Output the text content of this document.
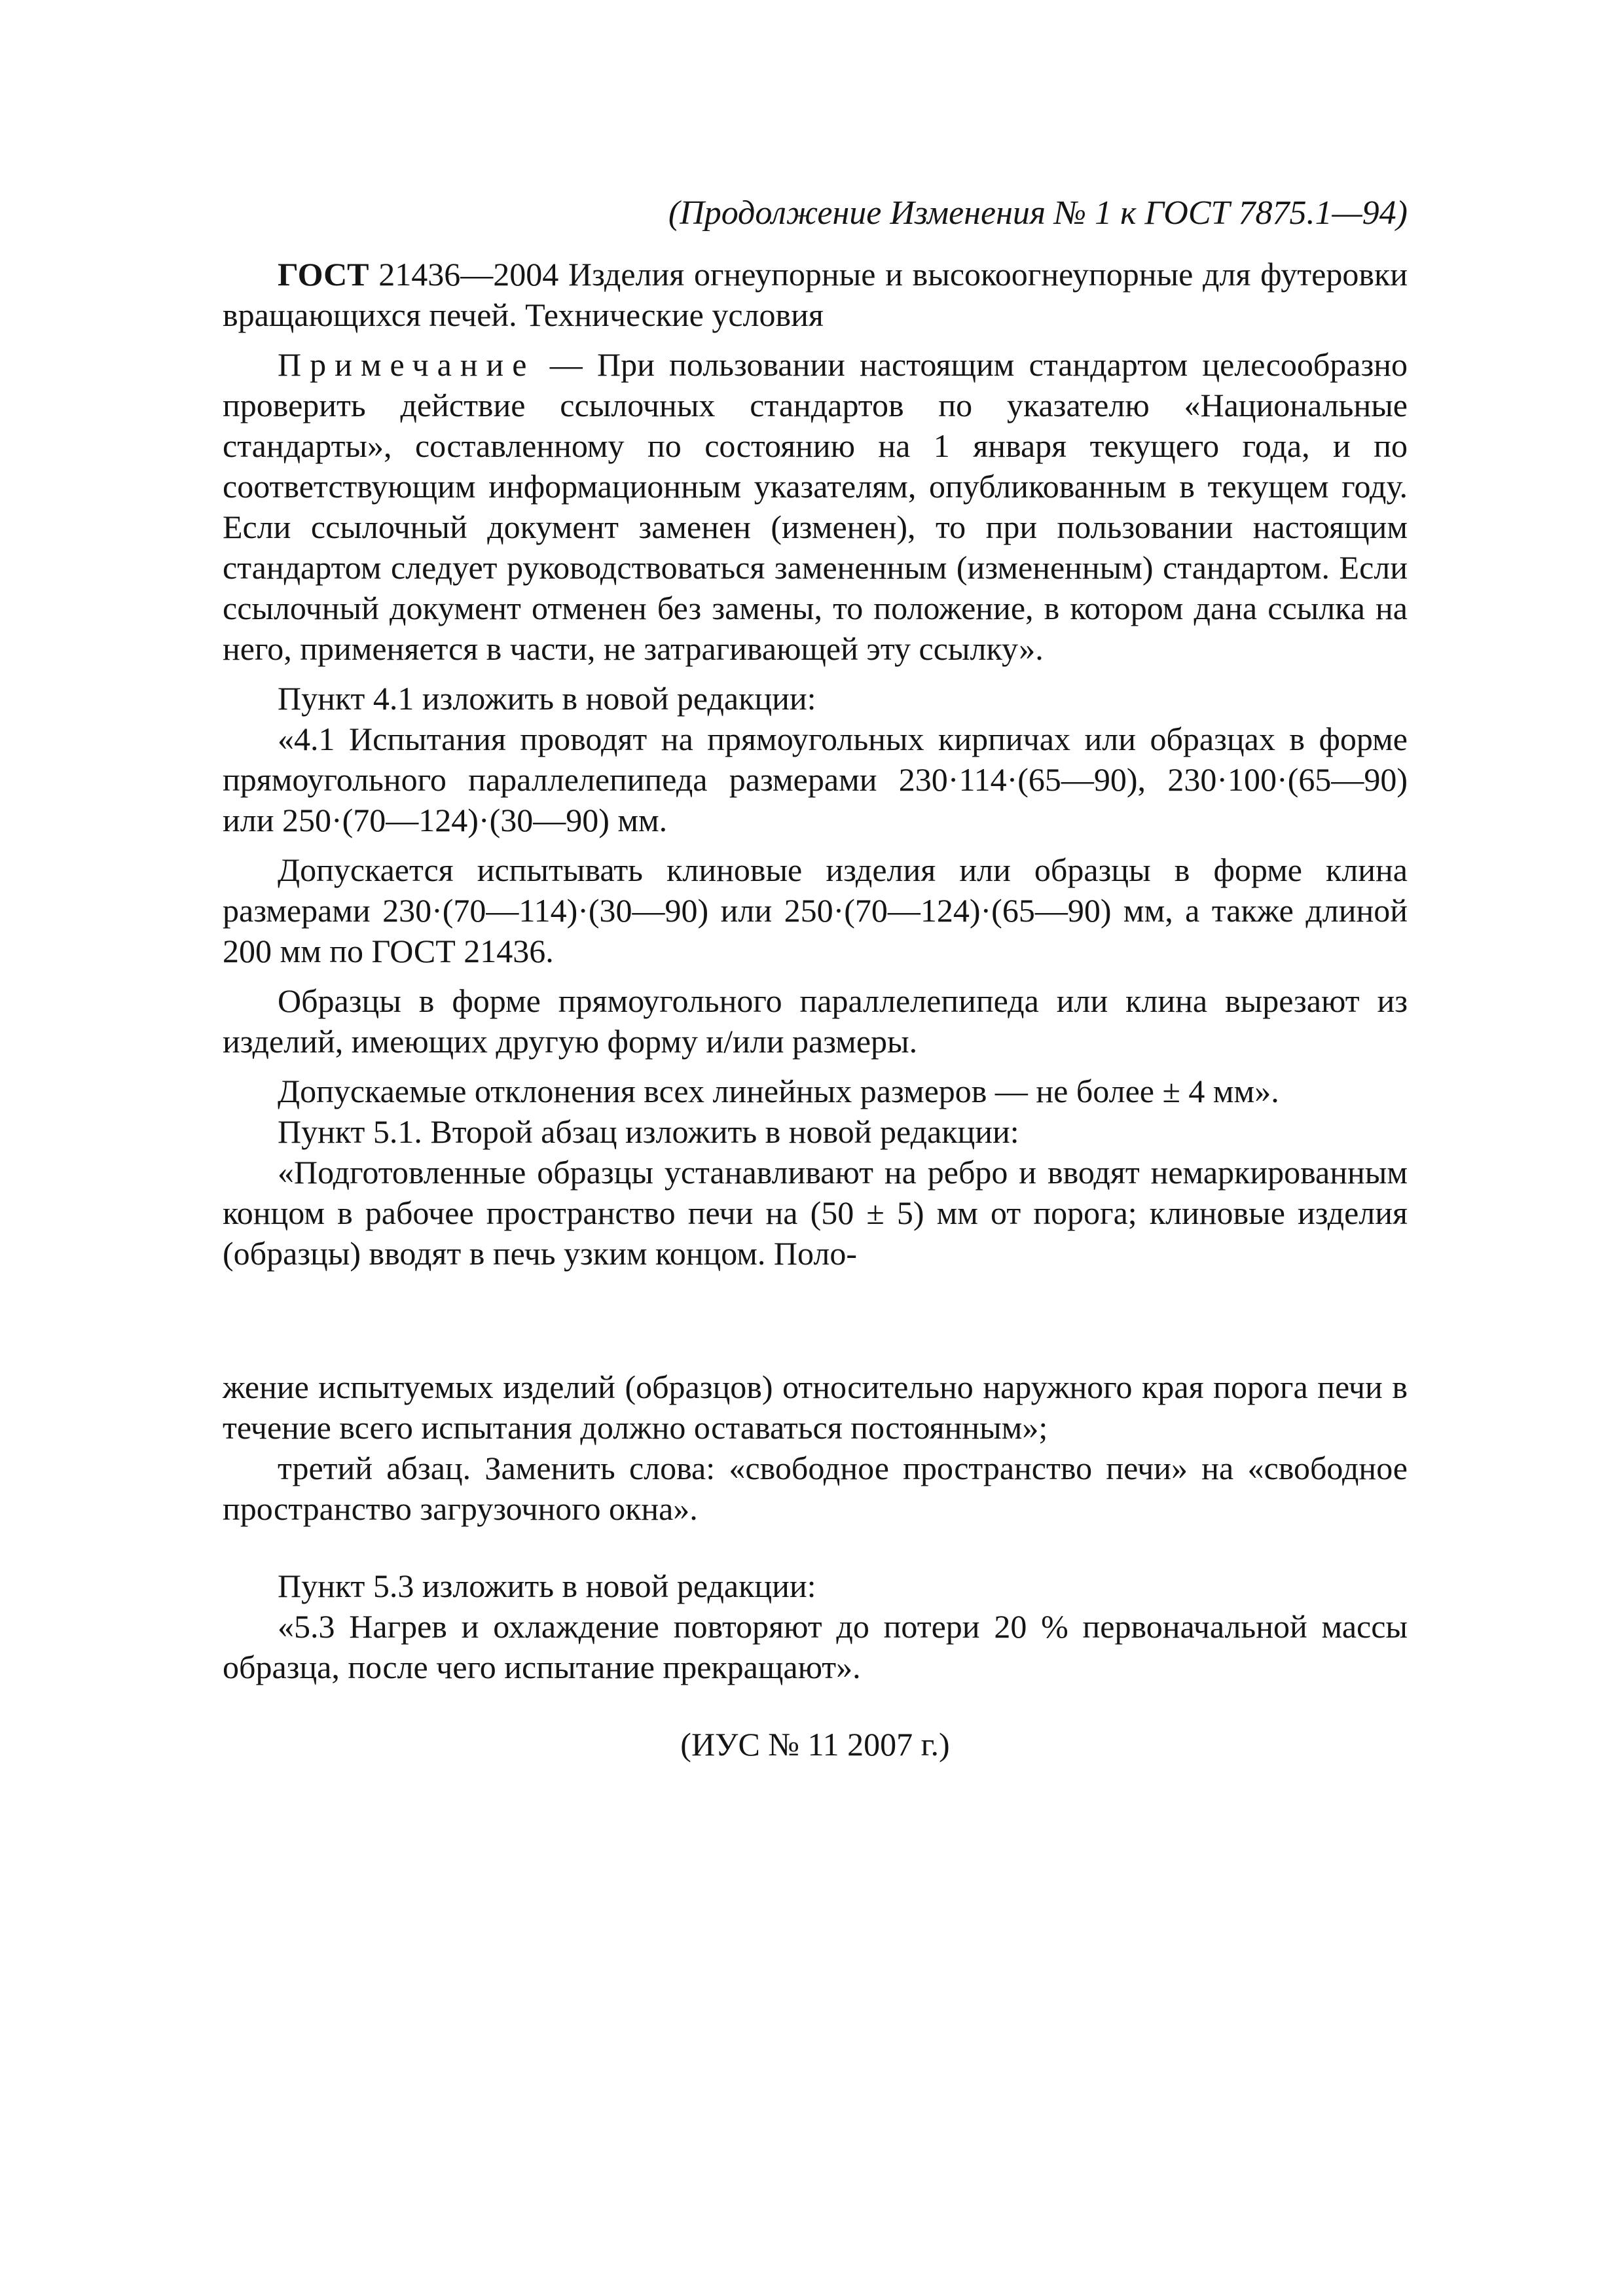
(Продолжение Изменения № 1 к ГОСТ 7875.1—94)

ГОСТ 21436—2004 Изделия огнеупорные и высокоогнеупорные для футеровки вращающихся печей. Технические условия

Примечание — При пользовании настоящим стандартом целесообразно проверить действие ссылочных стандартов по указателю «Национальные стандарты», составленному по состоянию на 1 января текущего года, и по соответствующим информационным указателям, опубликованным в текущем году. Если ссылочный документ заменен (изменен), то при пользовании настоящим стандартом следует руководствоваться замененным (измененным) стандартом. Если ссылочный документ отменен без замены, то положение, в котором дана ссылка на него, применяется в части, не затрагивающей эту ссылку».

Пункт 4.1 изложить в новой редакции:

«4.1 Испытания проводят на прямоугольных кирпичах или образцах в форме прямоугольного параллелепипеда размерами 230·114·(65—90), 230·100·(65—90) или 250·(70—124)·(30—90) мм.

Допускается испытывать клиновые изделия или образцы в форме клина размерами 230·(70—114)·(30—90) или 250·(70—124)·(65—90) мм, а также длиной 200 мм по ГОСТ 21436.

Образцы в форме прямоугольного параллелепипеда или клина вырезают из изделий, имеющих другую форму и/или размеры.

Допускаемые отклонения всех линейных размеров — не более ± 4 мм».

Пункт 5.1. Второй абзац изложить в новой редакции:

«Подготовленные образцы устанавливают на ребро и вводят немаркированным концом в рабочее пространство печи на (50 ± 5) мм от порога; клиновые изделия (образцы) вводят в печь узким концом. Поло-

жение испытуемых изделий (образцов) относительно наружного края порога печи в течение всего испытания должно оставаться постоянным»;

третий абзац. Заменить слова: «свободное пространство печи» на «свободное пространство загрузочного окна».

Пункт 5.3 изложить в новой редакции:

«5.3 Нагрев и охлаждение повторяют до потери 20 % первоначальной массы образца, после чего испытание прекращают».

(ИУС № 11 2007 г.)
